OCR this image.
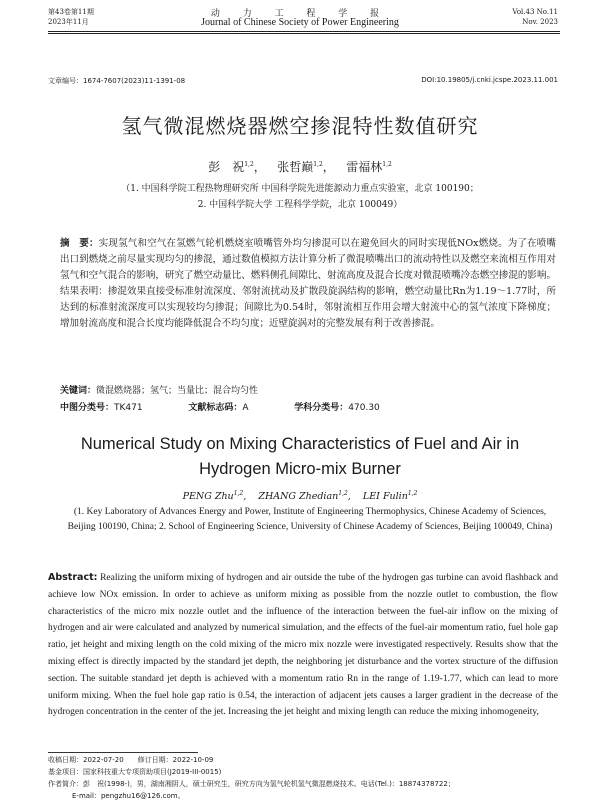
第43卷第11期
2023年11月
动 力 工 程 学 报
Journal of Chinese Society of Power Engineering
Vol.43 No.11
Nov. 2023
文章编号：1674-7607(2023)11-1391-08	DOI:10.19805/j.cnki.jcspe.2023.11.001
氢气微混燃烧器燃空掺混特性数值研究
彭　祝$^{1,2}$，   张哲巅$^{1,2}$，   雷福林$^{1,2}$
（1. 中国科学院工程热物理研究所 中国科学院先进能源动力重点实验室，北京 100190；
2. 中国科学院大学 工程科学学院，北京 100049）
摘　要：实现氢气和空气在氢燃气轮机燃烧室喷嘴管外均匀掺混可以在避免回火的同时实现低NOx燃烧。为了在喷嘴出口到燃烧之前尽量实现均匀的掺混，通过数值模拟方法计算分析了微混喷嘴出口的流动特性以及燃空来流相互作用对氢气和空气混合的影响，研究了燃空动量比、燃料侧孔间隙比、射流高度及混合长度对微混喷嘴冷态燃空掺混的影响。结果表明：掺混效果直接受标准射流深度、邻射流扰动及扩散段旋涡结构的影响，燃空动量比Rn为1.19～1.77时，所达到的标准射流深度可以实现较均匀掺混；间隙比为0.54时，邻射流相互作用会增大射流中心的氢气浓度下降梯度；增加射流高度和混合长度均能降低混合不均匀度；近壁旋涡对的完整发展有利于改善掺混。
关键词：微混燃烧器；氢气；当量比；混合均匀性
中图分类号：TK471	文献标志码：A	学科分类号：470.30
Numerical Study on Mixing Characteristics of Fuel and Air in
Hydrogen Micro-mix Burner
PENG Zhu$^{1,2}$,    ZHANG Zhedian$^{1,2}$,    LEI Fulin$^{1,2}$
(1. Key Laboratory of Advances Energy and Power, Institute of Engineering Thermophysics, Chinese Academy of Sciences, Beijing 100190, China; 2. School of Engineering Science, University of Chinese Academy of Sciences, Beijing 100049, China)
Abstract: Realizing the uniform mixing of hydrogen and air outside the tube of the hydrogen gas turbine can avoid flashback and achieve low NOx emission. In order to achieve as uniform mixing as possible from the nozzle outlet to combustion, the flow characteristics of the micro mix nozzle outlet and the influence of the interaction between the fuel-air inflow on the mixing of hydrogen and air were calculated and analyzed by numerical simulation, and the effects of the fuel-air momentum ratio, fuel hole gap ratio, jet height and mixing length on the cold mixing of the micro mix nozzle were investigated respectively. Results show that the mixing effect is directly impacted by the standard jet depth, the neighboring jet disturbance and the vortex structure of the diffusion section. The suitable standard jet depth is achieved with a momentum ratio Rn in the range of 1.19-1.77, which can lead to more uniform mixing. When the fuel hole gap ratio is 0.54, the interaction of adjacent jets causes a larger gradient in the decrease of the hydrogen concentration in the center of the jet. Increasing the jet height and mixing length can reduce the mixing inhomogeneity,
收稿日期：2022-07-20　　修订日期：2022-10-09
基金项目：国家科技重大专项资助项目(J2019-III-0015)
作者简介：彭　祝(1998-)，男，湖南湘阴人，硕士研究生，研究方向为氢气轮机氢气微混燃烧技术。电话(Tel.)：18874378722；
E-mail：pengzhu16@126.com。
